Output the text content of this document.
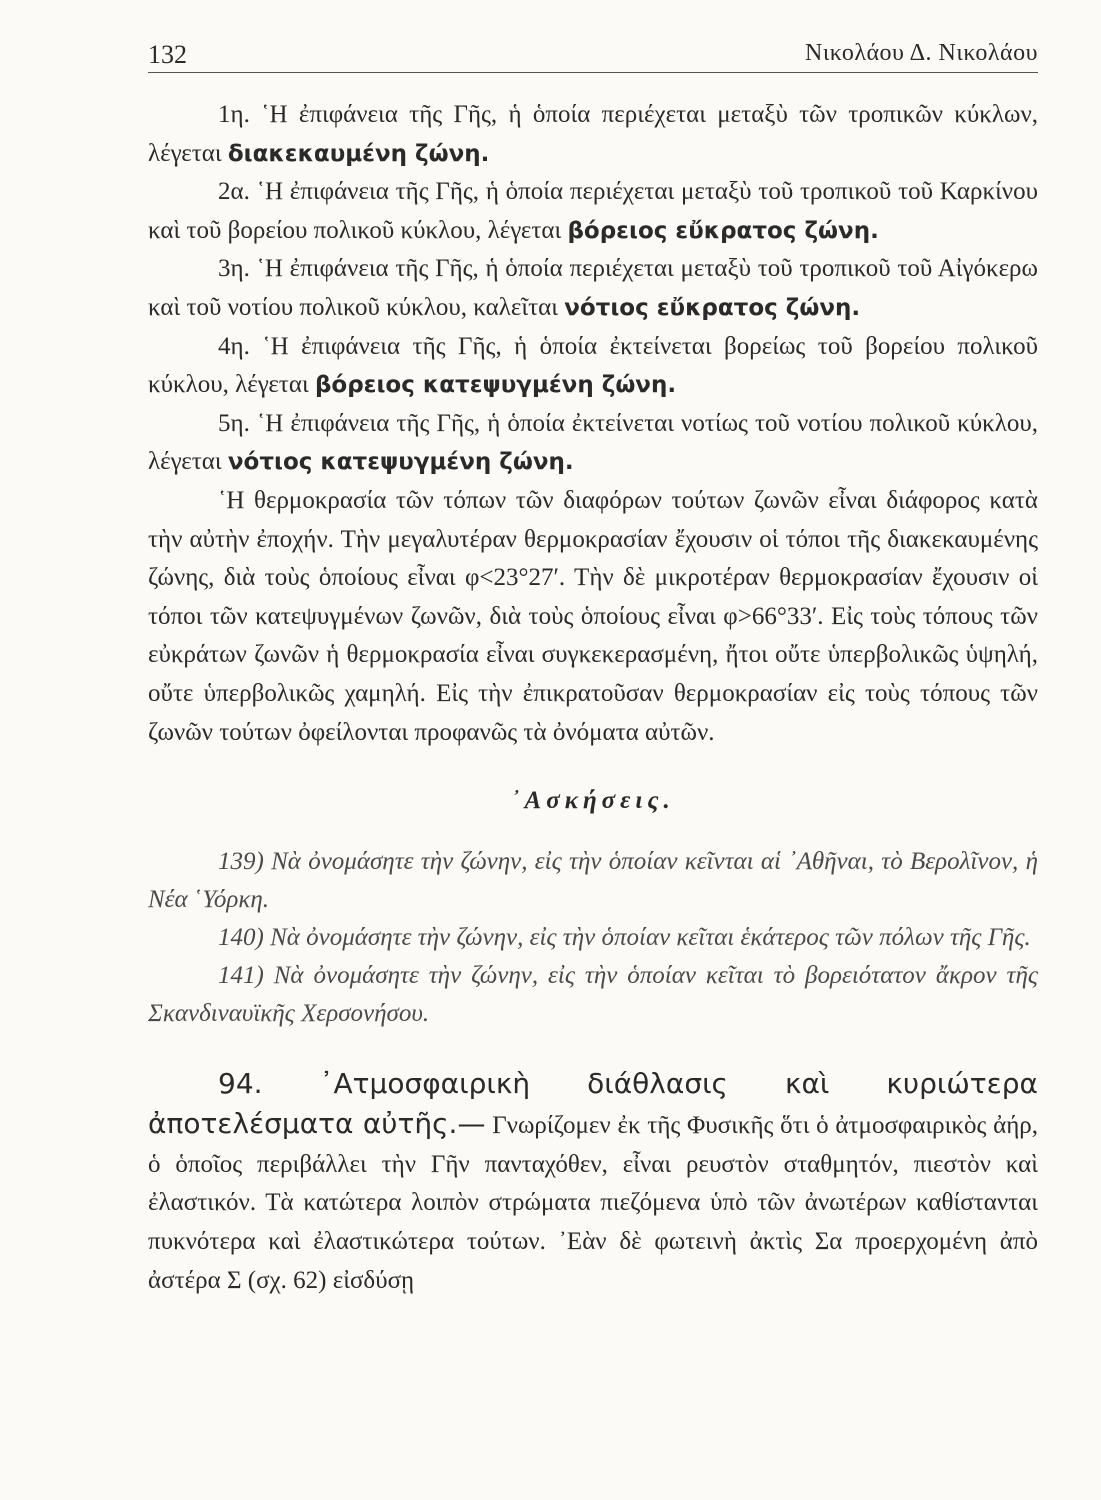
132	Νικολάου Δ. Νικολάου

1η. ῾Η ἐπιφάνεια τῆς Γῆς, ἡ ὁποία περιέχεται μεταξὺ τῶν τροπικῶν κύκλων, λέγεται διακεκαυμένη ζώνη.

2α. ῾Η ἐπιφάνεια τῆς Γῆς, ἡ ὁποία περιέχεται μεταξὺ τοῦ τροπικοῦ τοῦ Καρκίνου καὶ τοῦ βορείου πολικοῦ κύκλου, λέγεται βόρειος εὔκρατος ζώνη.

3η. ῾Η ἐπιφάνεια τῆς Γῆς, ἡ ὁποία περιέχεται μεταξὺ τοῦ τροπικοῦ τοῦ Αἰγόκερω καὶ τοῦ νοτίου πολικοῦ κύκλου, καλεῖται νότιος εὔκρατος ζώνη.

4η. ῾Η ἐπιφάνεια τῆς Γῆς, ἡ ὁποία ἐκτείνεται βορείως τοῦ βορείου πολικοῦ κύκλου, λέγεται βόρειος κατεψυγμένη ζώνη.

5η. ῾Η ἐπιφάνεια τῆς Γῆς, ἡ ὁποία ἐκτείνεται νοτίως τοῦ νοτίου πολικοῦ κύκλου, λέγεται νότιος κατεψυγμένη ζώνη.

῾Η θερμοκρασία τῶν τόπων τῶν διαφόρων τούτων ζωνῶν εἶναι διάφορος κατὰ τὴν αὐτὴν ἐποχήν. Τὴν μεγαλυτέραν θερμοκρασίαν ἔχουσιν οἱ τόποι τῆς διακεκαυμένης ζώνης, διὰ τοὺς ὁποίους εἶναι φ<23°27′. Τὴν δὲ μικροτέραν θερμοκρασίαν ἔχουσιν οἱ τόποι τῶν κατεψυγμένων ζωνῶν, διὰ τοὺς ὁποίους εἶναι φ>66°33′. Εἰς τοὺς τόπους τῶν εὐκράτων ζωνῶν ἡ θερμοκρασία εἶναι συγκεκερασμένη, ἤτοι οὔτε ὑπερβολικῶς ὑψηλή, οὔτε ὑπερβολικῶς χαμηλή. Εἰς τὴν ἐπικρατοῦσαν θερμοκρασίαν εἰς τοὺς τόπους τῶν ζωνῶν τούτων ὀφείλονται προφανῶς τὰ ὀνόματα αὐτῶν.

᾿Ασκήσεις.

139) Νὰ ὀνομάσητε τὴν ζώνην, εἰς τὴν ὁποίαν κεῖνται αἱ ᾿Αθῆναι, τὸ Βερολῖνον, ἡ Νέα ῾Υόρκη.

140) Νὰ ὀνομάσητε τὴν ζώνην, εἰς τὴν ὁποίαν κεῖται ἑκάτερος τῶν πόλων τῆς Γῆς.

141) Νὰ ὀνομάσητε τὴν ζώνην, εἰς τὴν ὁποίαν κεῖται τὸ βορειότατον ἄκρον τῆς Σκανδιναυϊκῆς Χερσονήσου.

94. ᾿Ατμοσφαιρικὴ διάθλασις καὶ κυριώτερα ἀποτελέσματα αὐτῆς.— Γνωρίζομεν ἐκ τῆς Φυσικῆς ὅτι ὁ ἀτμοσφαιρικὸς ἀήρ, ὁ ὁποῖος περιβάλλει τὴν Γῆν πανταχόθεν, εἶναι ρευστὸν σταθμητόν, πιεστὸν καὶ ἐλαστικόν. Τὰ κατώτερα λοιπὸν στρώματα πιεζόμενα ὑπὸ τῶν ἀνωτέρων καθίστανται πυκνότερα καὶ ἐλαστικώτερα τούτων. ᾿Εὰν δὲ φωτεινὴ ἀκτὶς Σα προερχομένη ἀπὸ ἀστέρα Σ (σχ. 62) εἰσδύσῃ
